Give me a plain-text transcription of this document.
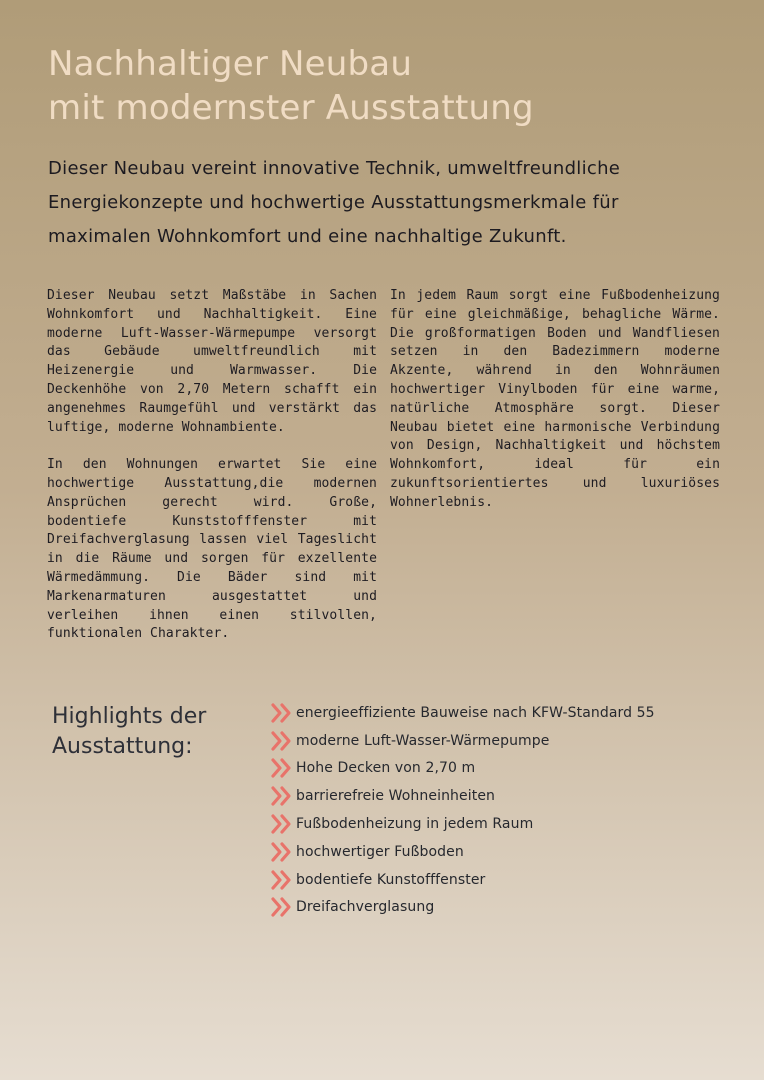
Nachhaltiger Neubau
mit modernster Ausstattung
Dieser Neubau vereint innovative Technik, umweltfreundliche
Energiekonzepte und hochwertige Ausstattungsmerkmale für
maximalen Wohnkomfort und eine nachhaltige Zukunft.

Dieser Neubau setzt Maßstäbe in Sachen Wohnkomfort und Nachhaltigkeit. Eine moderne Luft-Wasser-Wärmepumpe versorgt das Gebäude umweltfreundlich mit Heizenergie und Warmwasser. Die Deckenhöhe von 2,70 Metern schafft ein angenehmes Raumgefühl und verstärkt das luftige, moderne Wohnambiente.

In den Wohnungen erwartet Sie eine hochwertige Ausstattung,die modernen Ansprüchen gerecht wird. Große, bodentiefe Kunststofffenster mit Dreifachverglasung lassen viel Tageslicht in die Räume und sorgen für exzellente Wärmedämmung. Die Bäder sind mit Markenarmaturen ausgestattet und verleihen ihnen einen stilvollen, funktionalen Charakter.

In jedem Raum sorgt eine Fußbodenheizung für eine gleichmäßige, behagliche Wärme. Die großformatigen Boden und Wandfliesen setzen in den Badezimmern moderne Akzente, während in den Wohnräumen hochwertiger Vinylboden für eine warme, natürliche Atmosphäre sorgt. Dieser Neubau bietet eine harmonische Verbindung von Design, Nachhaltigkeit und höchstem Wohnkomfort, ideal für ein zukunftsorientiertes und luxuriöses Wohnerlebnis.

Highlights der
Ausstattung:
energieeffiziente Bauweise nach KFW-Standard 55
moderne Luft-Wasser-Wärmepumpe
Hohe Decken von 2,70 m
barrierefreie Wohneinheiten
Fußbodenheizung in jedem Raum
hochwertiger Fußboden
bodentiefe Kunstofffenster
Dreifachverglasung
